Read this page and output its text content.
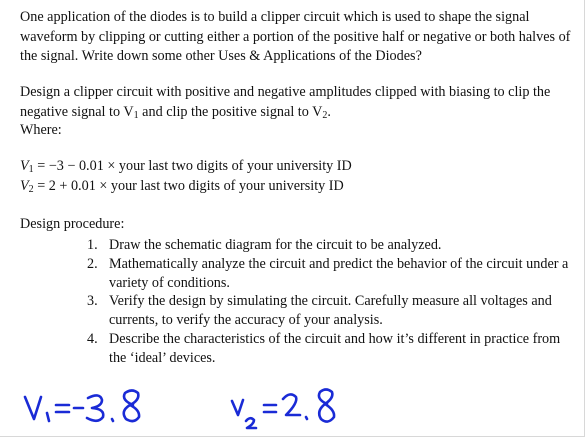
One application of the diodes is to build a clipper circuit which is used to shape the signal waveform by clipping or cutting either a portion of the positive half or negative or both halves of the signal. Write down some other Uses & Applications of the Diodes?
Design a clipper circuit with positive and negative amplitudes clipped with biasing to clip the negative signal to $V_1$ and clip the positive signal to $V_2$.
Where:
$V_1 = -3 - 0.01$ × your last two digits of your university ID
$V_2 = 2 + 0.01$ × your last two digits of your university ID
Design procedure:
1. Draw the schematic diagram for the circuit to be analyzed.
2. Mathematically analyze the circuit and predict the behavior of the circuit under a variety of conditions.
3. Verify the design by simulating the circuit. Carefully measure all voltages and currents, to verify the accuracy of your analysis.
4. Describe the characteristics of the circuit and how it’s different in practice from the ‘ideal’ devices.
